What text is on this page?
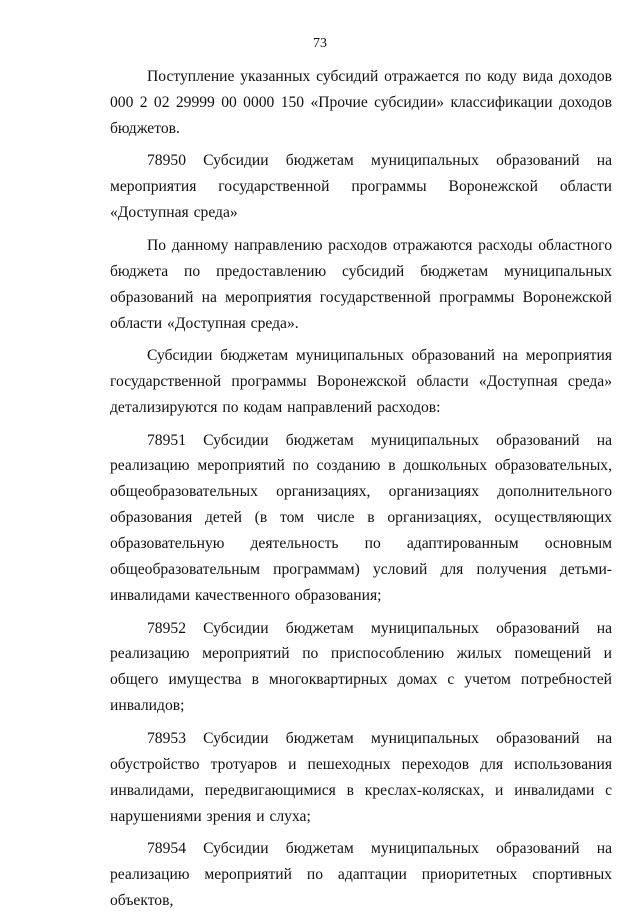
73

Поступление указанных субсидий отражается по коду вида доходов 000 2 02 29999 00 0000 150 «Прочие субсидии» классификации доходов бюджетов.

78950 Субсидии бюджетам муниципальных образований на мероприятия государственной программы Воронежской области «Доступная среда»

По данному направлению расходов отражаются расходы областного бюджета по предоставлению субсидий бюджетам муниципальных образований на мероприятия государственной программы Воронежской области «Доступная среда».

Субсидии бюджетам муниципальных образований на мероприятия государственной программы Воронежской области «Доступная среда» детализируются по кодам направлений расходов:

78951 Субсидии бюджетам муниципальных образований на реализацию мероприятий по созданию в дошкольных образовательных, общеобразовательных организациях, организациях дополнительного образования детей (в том числе в организациях, осуществляющих образовательную деятельность по адаптированным основным общеобразовательным программам) условий для получения детьми-инвалидами качественного образования;

78952 Субсидии бюджетам муниципальных образований на реализацию мероприятий по приспособлению жилых помещений и общего имущества в многоквартирных домах с учетом потребностей инвалидов;

78953 Субсидии бюджетам муниципальных образований на обустройство тротуаров и пешеходных переходов для использования инвалидами, передвигающимися в креслах-колясках, и инвалидами с нарушениями зрения и слуха;

78954 Субсидии бюджетам муниципальных образований на реализацию мероприятий по адаптации приоритетных спортивных объектов,
